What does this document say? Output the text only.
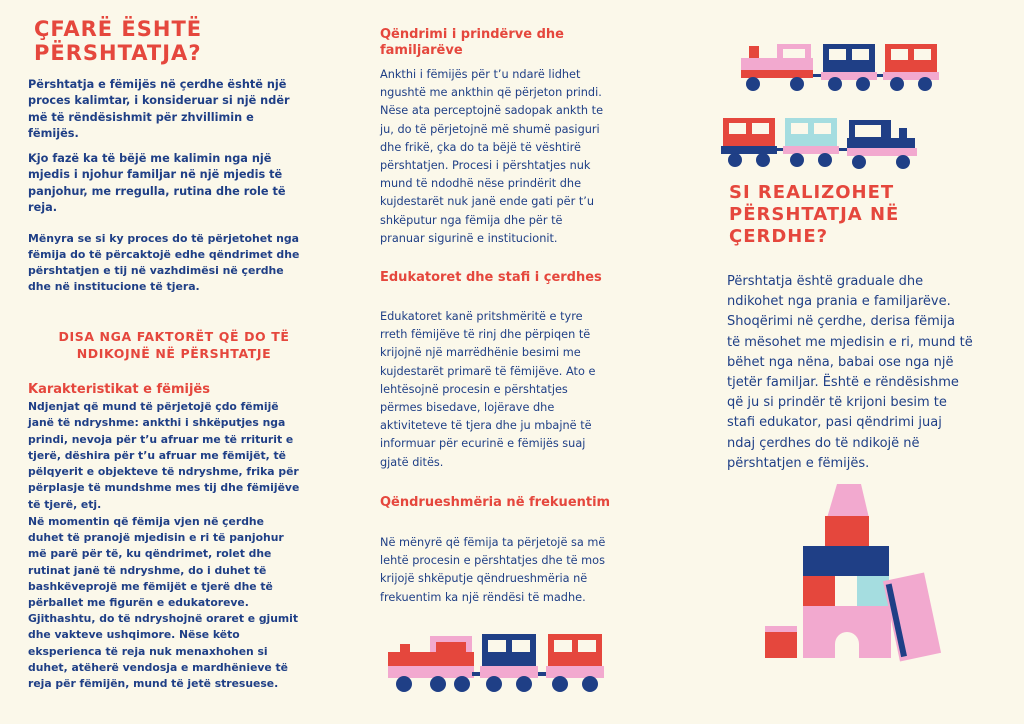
ÇFARË ËSHTË
PËRSHTATJA?

Përshtatja e fëmijës në çerdhe është një
proces kalimtar, i konsideruar si një ndër
më të rëndësishmit për zhvillimin e
fëmijës.

Kjo fazë ka të bëjë me kalimin nga një
mjedis i njohur familjar në një mjedis të
panjohur, me rregulla, rutina dhe role të
reja.

Mënyra se si ky proces do të përjetohet nga
fëmija do të përcaktojë edhe qëndrimet dhe
përshtatjen e tij në vazhdimësi në çerdhe
dhe në institucione të tjera.

DISA NGA FAKTORËT QË DO TË
NDIKOJNË NË PËRSHTATJE
Karakteristikat e fëmijës

Ndjenjat që mund të përjetojë çdo fëmijë
janë të ndryshme: ankthi i shkëputjes nga
prindi, nevoja për t’u afruar me të rriturit e
tjerë, dëshira për t’u afruar me fëmijët, të
pëlqyerit e objekteve të ndryshme, frika për
përplasje të mundshme mes tij dhe fëmijëve
të tjerë, etj.

Në momentin që fëmija vjen në çerdhe
duhet të pranojë mjedisin e ri të panjohur
më parë për të, ku qëndrimet, rolet dhe
rutinat janë të ndryshme, do i duhet të
bashkëveprojë me fëmijët e tjerë dhe të
përballet me figurën e edukatoreve.
Gjithashtu, do të ndryshojnë oraret e gjumit
dhe vakteve ushqimore. Nëse këto
eksperienca të reja nuk menaxhohen si
duhet, atëherë vendosja e mardhënieve të
reja për fëmijën, mund të jetë stresuese.

Qëndrimi i prindërve dhe familjarëve

Ankthi i fëmijës për t’u ndarë lidhet
ngushtë me ankthin që përjeton prindi.
Nëse ata perceptojnë sadopak ankth te
ju, do të përjetojnë më shumë pasiguri
dhe frikë, çka do ta bëjë të vështirë
përshtatjen. Procesi i përshtatjes nuk
mund të ndodhë nëse prindërit dhe
kujdestarët nuk janë ende gati për t’u
shkëputur nga fëmija dhe për të
pranuar sigurinë e institucionit.

Edukatoret dhe stafi i çerdhes

Edukatoret kanë pritshmëritë e tyre
rreth fëmijëve të rinj dhe përpiqen të
krijojnë një marrëdhënie besimi me
kujdestarët primarë të fëmijëve. Ato e
lehtësojnë procesin e përshtatjes
përmes bisedave, lojërave dhe
aktiviteteve të tjera dhe ju mbajnë të
informuar për ecurinë e fëmijës suaj
gjatë ditës.

Qëndrueshmëria në frekuentim

Në mënyrë që fëmija ta përjetojë sa më
lehtë procesin e përshtatjes dhe të mos
krijojë shkëputje qëndrueshmëria në
frekuentim ka një rëndësi të madhe.

SI REALIZOHET
PËRSHTATJA NË
ÇERDHE?

Përshtatja është graduale dhe
ndikohet nga prania e familjarëve.
Shoqërimi në çerdhe, derisa fëmija
të mësohet me mjedisin e ri, mund të
bëhet nga nëna, babai ose nga një
tjetër familjar. Është e rëndësishme
që ju si prindër të krijoni besim te
stafi edukator, pasi qëndrimi juaj
ndaj çerdhes do të ndikojë në
përshtatjen e fëmijës.
